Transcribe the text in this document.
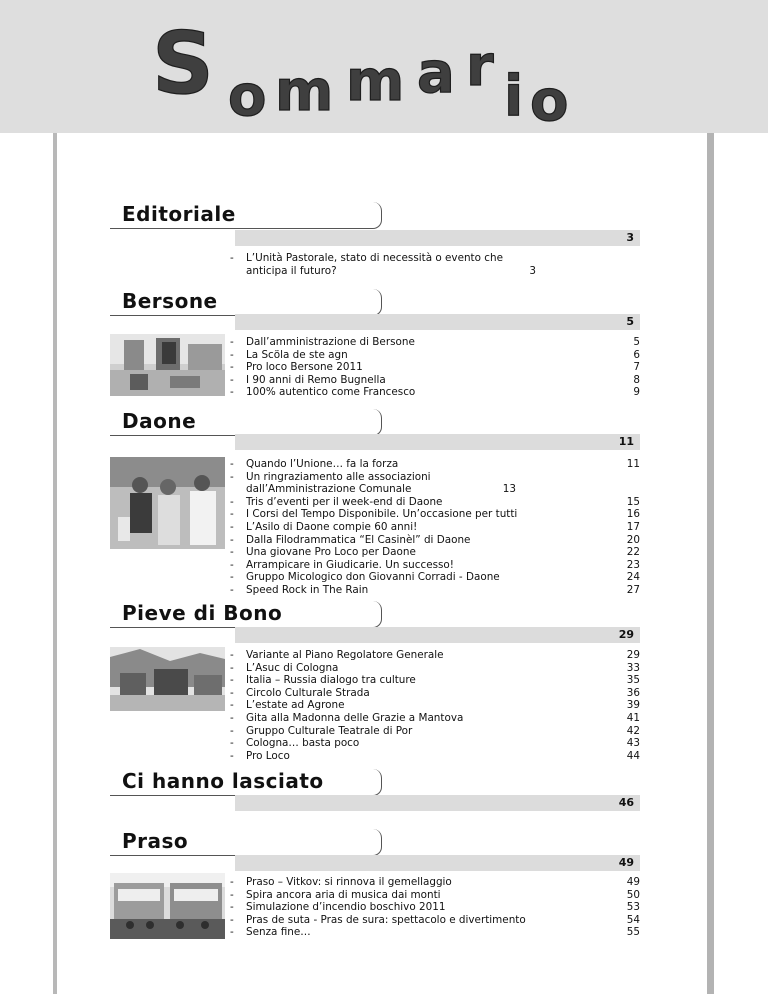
S o m m a r i o
Editoriale
3
-	L’Unità Pastorale, stato di necessità o evento che anticipa il futuro?	3
Bersone
5
-	Dall’amministrazione di Bersone	5
-	La Scöla de ste agn	6
-	Pro loco Bersone 2011	7
-	I 90 anni di Remo Bugnella	8
-	100% autentico come Francesco	9
Daone
11
-	Quando l’Unione… fa la forza	11
-	Un ringraziamento alle associazioni dall’Amministrazione Comunale	13
-	Tris d’eventi per il week-end di Daone	15
-	I Corsi del Tempo Disponibile. Un’occasione per tutti	16
-	L’Asilo di Daone compie 60 anni!	17
-	Dalla Filodrammatica “El Casinèl” di Daone	20
-	Una giovane Pro Loco per Daone	22
-	Arrampicare in Giudicarie. Un successo!	23
-	Gruppo Micologico don Giovanni Corradi - Daone	24
-	Speed Rock in The Rain	27
Pieve di Bono
29
-	Variante al Piano Regolatore Generale	29
-	L’Asuc di Cologna	33
-	Italia – Russia dialogo tra culture	35
-	Circolo Culturale Strada	36
-	L’estate ad Agrone	39
-	Gita alla Madonna delle Grazie a Mantova	41
-	Gruppo Culturale Teatrale di Por	42
-	Cologna… basta poco	43
-	Pro Loco	44
Ci hanno lasciato
46
Praso
49
-	Praso – Vitkov: si rinnova il gemellaggio	49
-	Spira ancora aria di musica dai monti	50
-	Simulazione d’incendio boschivo 2011	53
-	Pras de suta - Pras de sura: spettacolo e divertimento	54
-	Senza fine…	55
